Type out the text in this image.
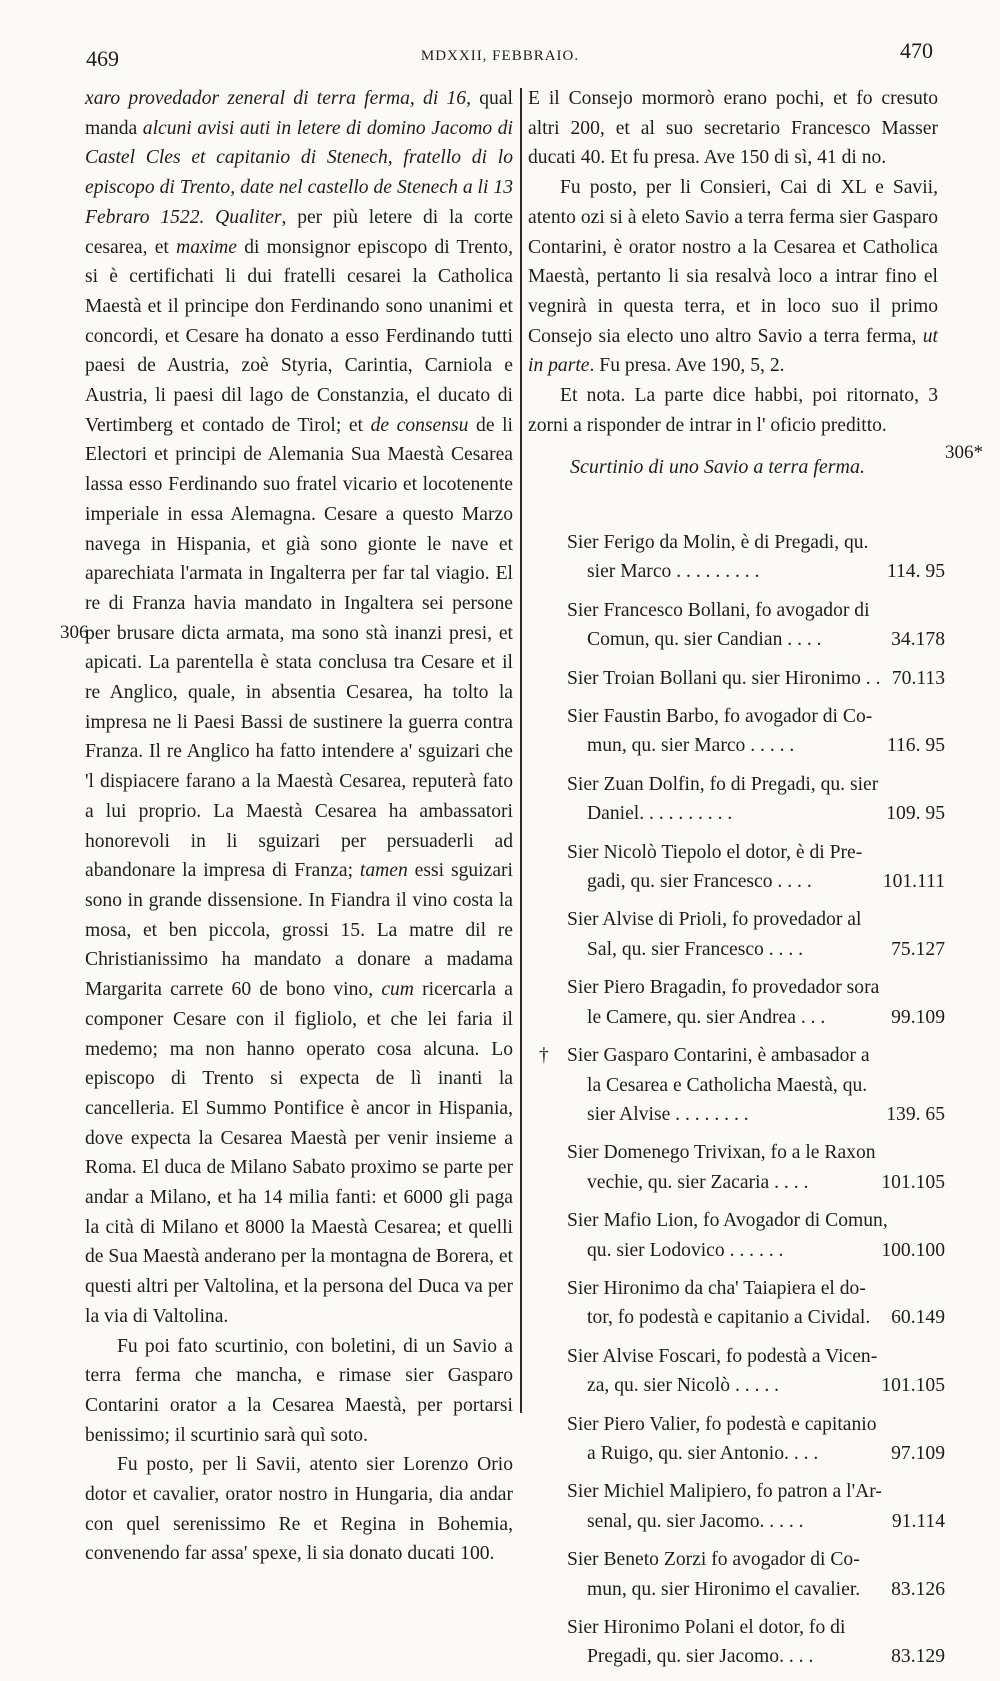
469	MDXXII, FEBBRAIO.	470

xaro provedador zeneral di terra ferma, di 16, qual manda alcuni avisi auti in letere di domino Jacomo di Castel Cles et capitanio di Stenech, fratello di lo episcopo di Trento, date nel castello de Stenech a li 13 Febraro 1522. Qualiter, per più letere di la corte cesarea, et maxime di monsignor episcopo di Trento, si è certifichati li dui fratelli cesarei la Catholica Maestà et il principe don Ferdinando sono unanimi et concordi, et Cesare ha donato a esso Ferdinando tutti paesi de Austria, zoè Styria, Carintia, Carniola e Austria, li paesi dil lago de Constanzia, el ducato di Vertimberg et contado de Tirol; et de consensu de li Electori et principi de Alemania Sua Maestà Cesarea lassa esso Ferdinando suo fratel vicario et locotenente imperiale in essa Alemagna. Cesare a questo Marzo navega in Hispania, et già sono gionte le nave et aparechiata l'armata in Ingalterra per far tal viagio. El re di Franza havia mandato in Ingaltera sei persone per brusare dicta armata, ma sono stà inanzi presi, et apicati. La parentella è stata conclusa tra Cesare et il re Anglico, quale, in absentia Cesarea, ha tolto la impresa ne li Paesi Bassi de sustinere la guerra contra Franza. Il re Anglico ha fatto intendere a' sguizari che 'l dispiacere farano a la Maestà Cesarea, reputerà fato a lui proprio. La Maestà Cesarea ha ambassatori honorevoli in li sguizari per persuaderli ad abandonare la impresa di Franza; tamen essi sguizari sono in grande dissensione. In Fiandra il vino costa la mosa, et ben piccola, grossi 15. La matre dil re Christianissimo ha mandato a donare a madama Margarita carrete 60 de bono vino, cum ricercarla a componer Cesare con il figliolo, et che lei faria il medemo; ma non hanno operato cosa alcuna. Lo episcopo di Trento si expecta de lì inanti la cancelleria. El Summo Pontifice è ancor in Hispania, dove expecta la Cesarea Maestà per venir insieme a Roma. El duca de Milano Sabato proximo se parte per andar a Milano, et ha 14 milia fanti: et 6000 gli paga la cità di Milano et 8000 la Maestà Cesarea; et quelli de Sua Maestà anderano per la montagna de Borera, et questi altri per Valtolina, et la persona del Duca va per la via di Valtolina.

Fu poi fato scurtinio, con boletini, di un Savio a terra ferma che mancha, e rimase sier Gasparo Contarini orator a la Cesarea Maestà, per portarsi benissimo; il scurtinio sarà quì soto.

Fu posto, per li Savii, atento sier Lorenzo Orio dotor et cavalier, orator nostro in Hungaria, dia andar con quel serenissimo Re et Regina in Bohemia, convenendo far assa' spexe, li sia donato ducati 100.

306

E il Consejo mormorò erano pochi, et fo cresuto altri 200, et al suo secretario Francesco Masser ducati 40. Et fu presa. Ave 150 di sì, 41 di no.

Fu posto, per li Consieri, Cai di XL e Savii, atento ozi si à eleto Savio a terra ferma sier Gasparo Contarini, è orator nostro a la Cesarea et Catholica Maestà, pertanto li sia resalvà loco a intrar fino el vegnirà in questa terra, et in loco suo il primo Consejo sia electo uno altro Savio a terra ferma, ut in parte. Fu presa. Ave 190, 5, 2.

Et nota. La parte dice habbi, poi ritornato, 3 zorni a risponder de intrar in l' oficio preditto.

Scurtinio di uno Savio a terra ferma.
306*
Sier Ferigo da Molin, è di Pregadi, qu.
sier Marco . . . . . . . . .	114. 95
Sier Francesco Bollani, fo avogador di
Comun, qu. sier Candian . . . .	34.178
Sier Troian Bollani qu. sier Hironimo . . 70.113
Sier Faustin Barbo, fo avogador di Co-
mun, qu. sier Marco . . . . .	116. 95
Sier Zuan Dolfin, fo di Pregadi, qu. sier
Daniel. . . . . . . . . .	109. 95
Sier Nicolò Tiepolo el dotor, è di Pre-
gadi, qu. sier Francesco . . . .	101.111
Sier Alvise di Prioli, fo provedador al
Sal, qu. sier Francesco . . . .	75.127
Sier Piero Bragadin, fo provedador sora
le Camere, qu. sier Andrea . . .	99.109
† Sier Gasparo Contarini, è ambasador a
la Cesarea e Catholicha Maestà, qu.
sier Alvise . . . . . . . .	139. 65
Sier Domenego Trivixan, fo a le Raxon
vechie, qu. sier Zacaria . . . .	101.105
Sier Mafio Lion, fo Avogador di Comun,
qu. sier Lodovico . . . . . .	100.100
Sier Hironimo da cha' Taiapiera el do-
tor, fo podestà e capitanio a Cividal.	60.149
Sier Alvise Foscari, fo podestà a Vicen-
za, qu. sier Nicolò . . . . .	101.105
Sier Piero Valier, fo podestà e capitanio
a Ruigo, qu. sier Antonio. . . .	97.109
Sier Michiel Malipiero, fo patron a l'Ar-
senal, qu. sier Jacomo. . . . .	91.114
Sier Beneto Zorzi fo avogador di Co-
mun, qu. sier Hironimo el cavalier.	83.126
Sier Hironimo Polani el dotor, fo di
Pregadi, qu. sier Jacomo. . . .	83.129
